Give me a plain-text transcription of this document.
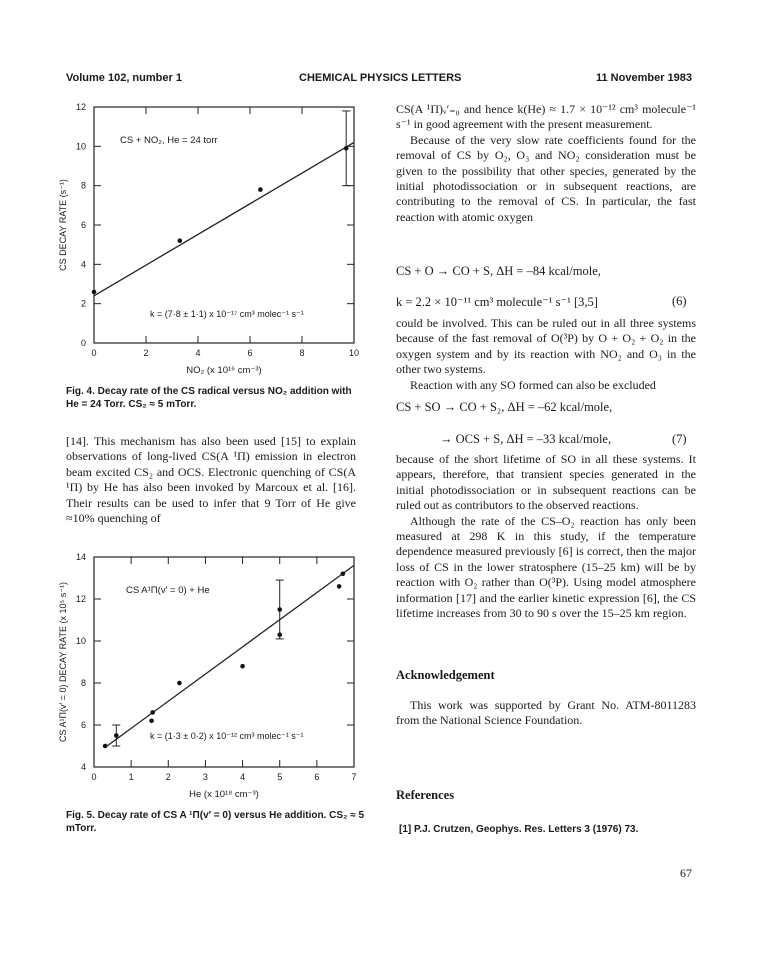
Volume 102, number 1	CHEMICAL PHYSICS LETTERS	11 November 1983
0	2	4	6	8	10
0
2
4
6
8
10
12
NO₂ (x 10¹⁶ cm⁻³)
CS DECAY RATE (s⁻¹)
CS + NO₂, He = 24 torr
k = (7·8 ± 1·1) x 10⁻¹⁷ cm³ molec⁻¹ s⁻¹
Fig. 4. Decay rate of the CS radical versus NO₂ addition with He = 24 Torr. CS₂ ≈ 5 mTorr.

[14]. This mechanism has also been used [15] to explain observations of long-lived CS(A ¹Π) emission in electron beam excited CS₂ and OCS. Electronic quenching of CS(A ¹Π) by He has also been invoked by Marcoux et al. [16]. Their results can be used to infer that 9 Torr of He give ≈10% quenching of

0	1	2	3	4	5	6	7
4
6
8
10
12
14
He (x 10¹⁸ cm⁻³)
CS A¹Π(v′ = 0) DECAY RATE (x 10⁵ s⁻¹)	CS A¹Π(v′ = 0) + He
k = (1·3 ± 0·2) x 10⁻¹² cm³ molec⁻¹ s⁻¹
Fig. 5. Decay rate of CS A ¹Π(v′ = 0) versus He addition. CS₂ ≈ 5 mTorr.

CS(A ¹Π)ᵥ′₌₀ and hence k(He) ≈ 1.7 × 10⁻¹² cm³ molecule⁻¹ s⁻¹ in good agreement with the present measurement.

Because of the very slow rate coefficients found for the removal of CS by O₂, O₃ and NO₂ consideration must be given to the possibility that other species, generated by the initial photodissociation or in subsequent reactions, are contributing to the removal of CS. In particular, the fast reaction with atomic oxygen

CS + O → CO + S, ΔH = –84 kcal/mole,
k = 2.2 × 10⁻¹¹ cm³ molecule⁻¹ s⁻¹ [3,5]	(6)

could be involved. This can be ruled out in all three systems because of the fast removal of O(³P) by O + O₂ + O₂ in the oxygen system and by its reaction with NO₂ and O₃ in the other two systems.

Reaction with any SO formed can also be excluded

CS + SO → CO + S₂, ΔH = –62 kcal/mole,
→ OCS + S, ΔH = –33 kcal/mole,	(7)

because of the short lifetime of SO in all these systems. It appears, therefore, that transient species generated in the initial photodissociation or in subsequent reactions can be ruled out as contributors to the observed reactions.

Although the rate of the CS–O₂ reaction has only been measured at 298 K in this study, if the temperature dependence measured previously [6] is correct, then the major loss of CS in the lower stratosphere (15–25 km) will be by reaction with O₂ rather than O(³P). Using model atmosphere information [17] and the earlier kinetic expression [6], the CS lifetime increases from 30 to 90 s over the 15–25 km region.

Acknowledgement

This work was supported by Grant No. ATM-8011283 from the National Science Foundation.

References
[1] P.J. Crutzen, Geophys. Res. Letters 3 (1976) 73.
67
